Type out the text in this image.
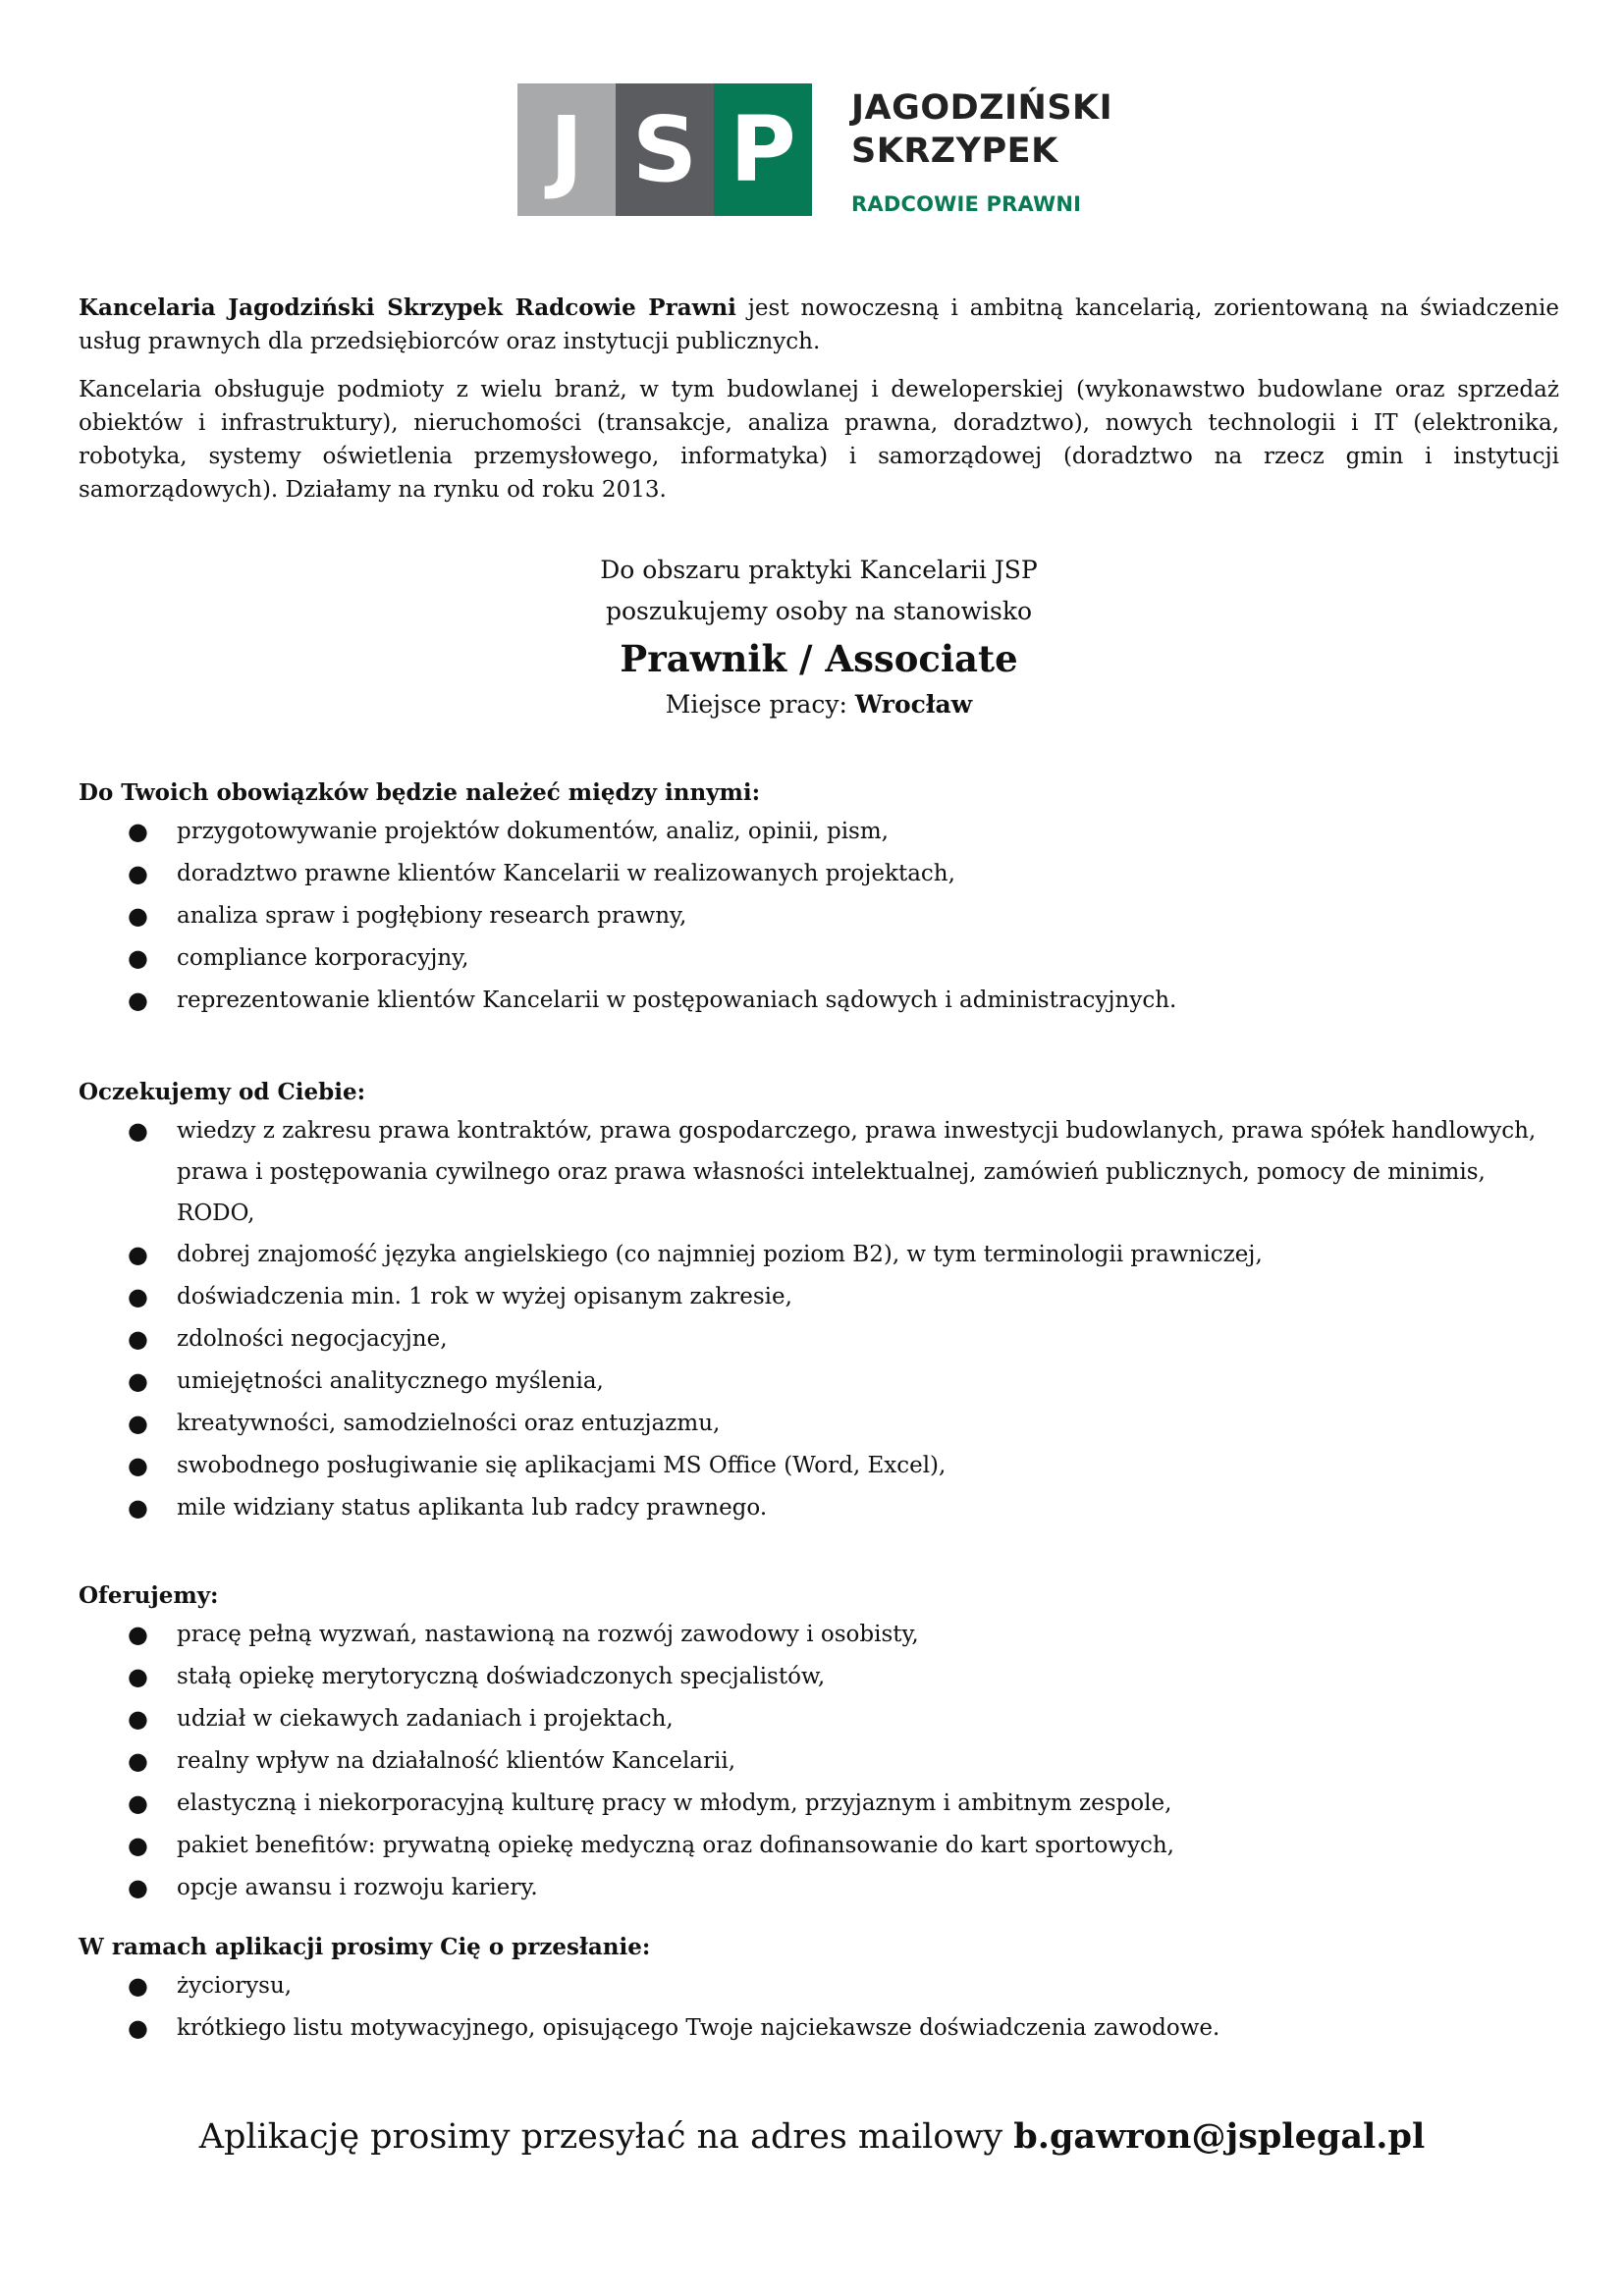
J S P	JAGODZIŃSKI
SKRZYPEK
RADCOWIE PRAWNI

Kancelaria Jagodziński Skrzypek Radcowie Prawni jest nowoczesną i ambitną kancelarią, zorientowaną na świadczenie usług prawnych dla przedsiębiorców oraz instytucji publicznych.

Kancelaria obsługuje podmioty z wielu branż, w tym budowlanej i deweloperskiej (wykonawstwo budowlane oraz sprzedaż obiektów i infrastruktury), nieruchomości (transakcje, analiza prawna, doradztwo), nowych technologii i IT (elektronika, robotyka, systemy oświetlenia przemysłowego, informatyka) i samorządowej (doradztwo na rzecz gmin i instytucji samorządowych). Działamy na rynku od roku 2013.

Do obszaru praktyki Kancelarii JSP
poszukujemy osoby na stanowisko
Prawnik / Associate
Miejsce pracy: Wrocław
Do Twoich obowiązków będzie należeć między innymi:
● przygotowywanie projektów dokumentów, analiz, opinii, pism,
● doradztwo prawne klientów Kancelarii w realizowanych projektach,
● analiza spraw i pogłębiony research prawny,
● compliance korporacyjny,
● reprezentowanie klientów Kancelarii w postępowaniach sądowych i administracyjnych.
Oczekujemy od Ciebie:
● wiedzy z zakresu prawa kontraktów, prawa gospodarczego, prawa inwestycji budowlanych, prawa spółek handlowych, prawa i postępowania cywilnego oraz prawa własności intelektualnej, zamówień publicznych, pomocy de minimis, RODO,
● dobrej znajomość języka angielskiego (co najmniej poziom B2), w tym terminologii prawniczej,
● doświadczenia min. 1 rok w wyżej opisanym zakresie,
● zdolności negocjacyjne,
● umiejętności analitycznego myślenia,
● kreatywności, samodzielności oraz entuzjazmu,
● swobodnego posługiwanie się aplikacjami MS Office (Word, Excel),
● mile widziany status aplikanta lub radcy prawnego.
Oferujemy:
● pracę pełną wyzwań, nastawioną na rozwój zawodowy i osobisty,
● stałą opiekę merytoryczną doświadczonych specjalistów,
● udział w ciekawych zadaniach i projektach,
● realny wpływ na działalność klientów Kancelarii,
● elastyczną i niekorporacyjną kulturę pracy w młodym, przyjaznym i ambitnym zespole,
● pakiet benefitów: prywatną opiekę medyczną oraz dofinansowanie do kart sportowych,
● opcje awansu i rozwoju kariery.
W ramach aplikacji prosimy Cię o przesłanie:
● życiorysu,
● krótkiego listu motywacyjnego, opisującego Twoje najciekawsze doświadczenia zawodowe.
Aplikację prosimy przesyłać na adres mailowy b.gawron@jsplegal.pl
